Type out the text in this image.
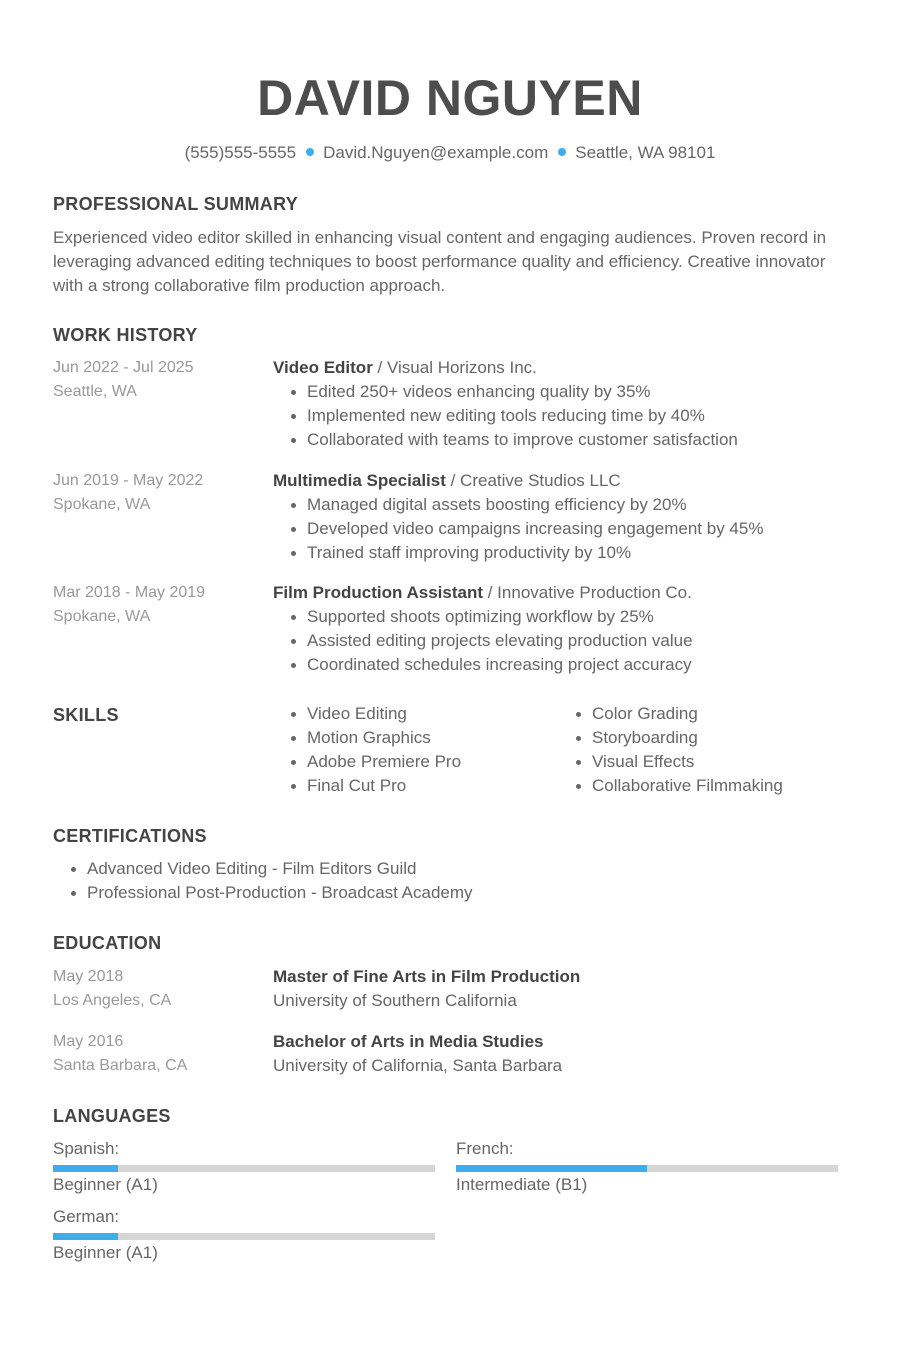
DAVID NGUYEN
(555)555-5555 David.Nguyen@example.com Seattle, WA 98101
PROFESSIONAL SUMMARY
Experienced video editor skilled in enhancing visual content and engaging audiences. Proven record in leveraging advanced editing techniques to boost performance quality and efficiency. Creative innovator with a strong collaborative film production approach.
WORK HISTORY
Jun 2022 - Jul 2025
Seattle, WA
Video Editor / Visual Horizons Inc.
Edited 250+ videos enhancing quality by 35%
Implemented new editing tools reducing time by 40%
Collaborated with teams to improve customer satisfaction
Jun 2019 - May 2022
Spokane, WA
Multimedia Specialist / Creative Studios LLC
Managed digital assets boosting efficiency by 20%
Developed video campaigns increasing engagement by 45%
Trained staff improving productivity by 10%
Mar 2018 - May 2019
Spokane, WA
Film Production Assistant / Innovative Production Co.
Supported shoots optimizing workflow by 25%
Assisted editing projects elevating production value
Coordinated schedules increasing project accuracy
SKILLS	Video Editing
Motion Graphics
Adobe Premiere Pro
Final Cut Pro
Color Grading
Storyboarding
Visual Effects
Collaborative Filmmaking
CERTIFICATIONS
Advanced Video Editing - Film Editors Guild
Professional Post-Production - Broadcast Academy
EDUCATION
May 2018
Los Angeles, CA
Master of Fine Arts in Film Production
University of Southern California
May 2016
Santa Barbara, CA
Bachelor of Arts in Media Studies
University of California, Santa Barbara
LANGUAGES
Spanish:
Beginner (A1)
French:
Intermediate (B1)
German:
Beginner (A1)
